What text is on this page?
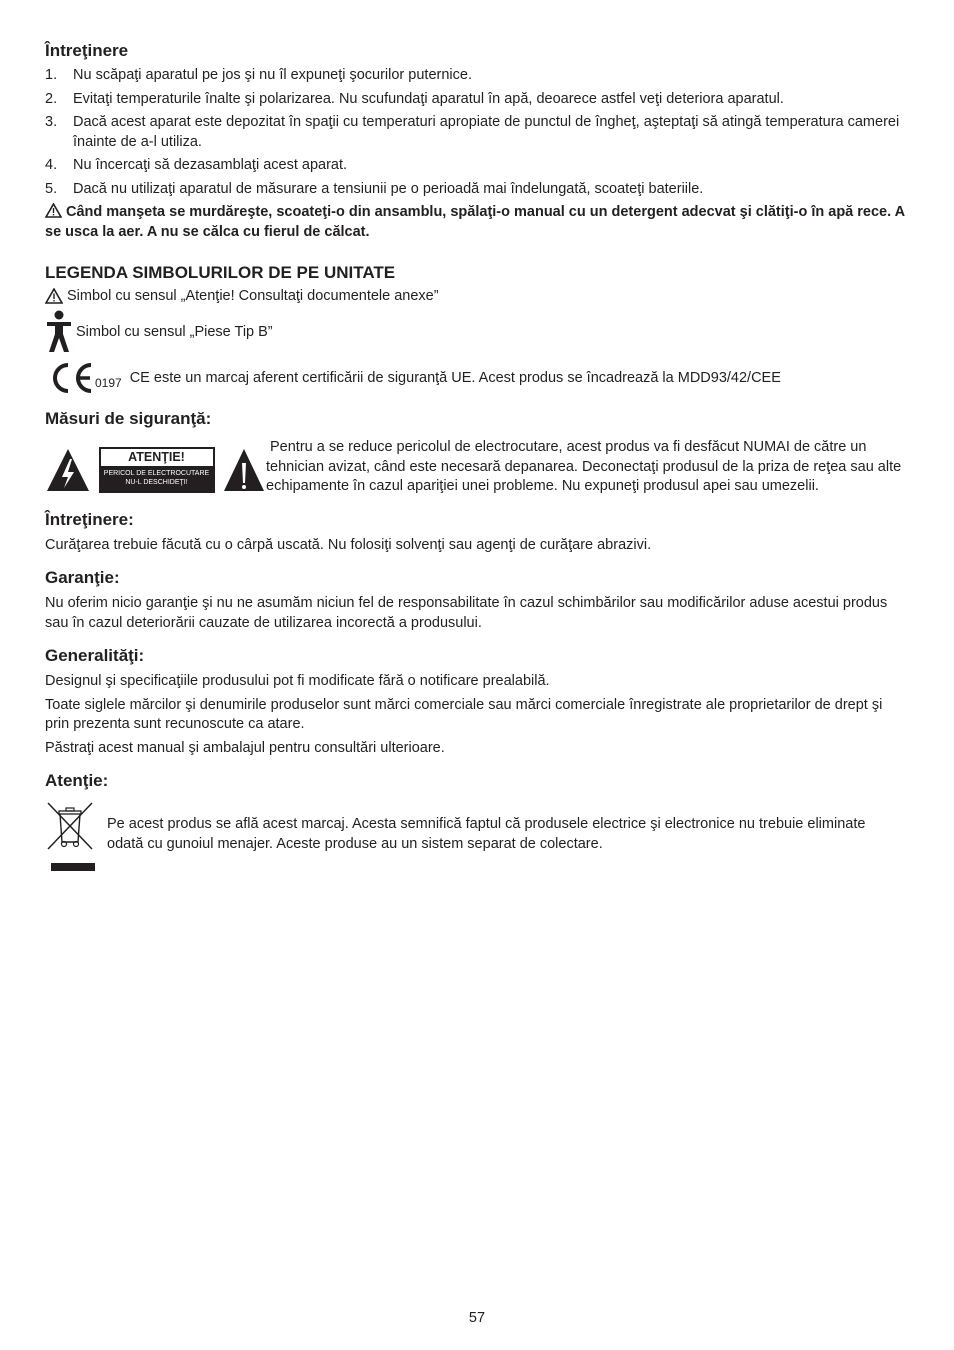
Întreţinere
1. Nu scăpaţi aparatul pe jos şi nu îl expuneţi şocurilor puternice.
2. Evitaţi temperaturile înalte şi polarizarea. Nu scufundaţi aparatul în apă, deoarece astfel veţi deteriora aparatul.
3. Dacă acest aparat este depozitat în spaţii cu temperaturi apropiate de punctul de îngheţ, aşteptaţi să atingă temperatura camerei înainte de a-l utiliza.
4. Nu încercaţi să dezasamblaţi acest aparat.
5. Dacă nu utilizaţi aparatul de măsurare a tensiunii pe o perioadă mai îndelungată, scoateţi bateriile.
Când manşeta se murdăreşte, scoateţi-o din ansamblu, spălaţi-o manual cu un detergent adecvat şi clătiţi-o în apă rece. A se usca la aer. A nu se călca cu fierul de călcat.
LEGENDA SIMBOLURILOR DE PE UNITATE
Simbol cu sensul „Atenţie! Consultaţi documentele anexe”
Simbol cu sensul „Piese Tip B”
0197 CE este un marcaj aferent certificării de siguranţă UE. Acest produs se încadrează la MDD93/42/CEE
Măsuri de siguranţă:
ATENŢIE!
PERICOL DE ELECTROCUTARE
NU-L DESCHIDEŢI!

Pentru a se reduce pericolul de electrocutare, acest produs va fi desfăcut NUMAI de către un tehnician avizat, când este necesară depanarea. Deconectaţi produsul de la priza de reţea sau alte echipamente în cazul apariţiei unei probleme. Nu expuneţi produsul apei sau umezelii.

Întreţinere:

Curăţarea trebuie făcută cu o cârpă uscată. Nu folosiţi solvenţi sau agenţi de curăţare abrazivi.

Garanţie:

Nu oferim nicio garanţie şi nu ne asumăm niciun fel de responsabilitate în cazul schimbărilor sau modificărilor aduse acestui produs sau în cazul deteriorării cauzate de utilizarea incorectă a produsului.

Generalităţi:

Designul şi specificaţiile produsului pot fi modificate fără o notificare prealabilă.

Toate siglele mărcilor şi denumirile produselor sunt mărci comerciale sau mărci comerciale înregistrate ale proprietarilor de drept şi prin prezenta sunt recunoscute ca atare.

Păstraţi acest manual şi ambalajul pentru consultări ulterioare.

Atenţie:

Pe acest produs se află acest marcaj. Acesta semnifică faptul că produsele electrice şi electronice nu trebuie eliminate odată cu gunoiul menajer. Aceste produse au un sistem separat de colectare.

57
